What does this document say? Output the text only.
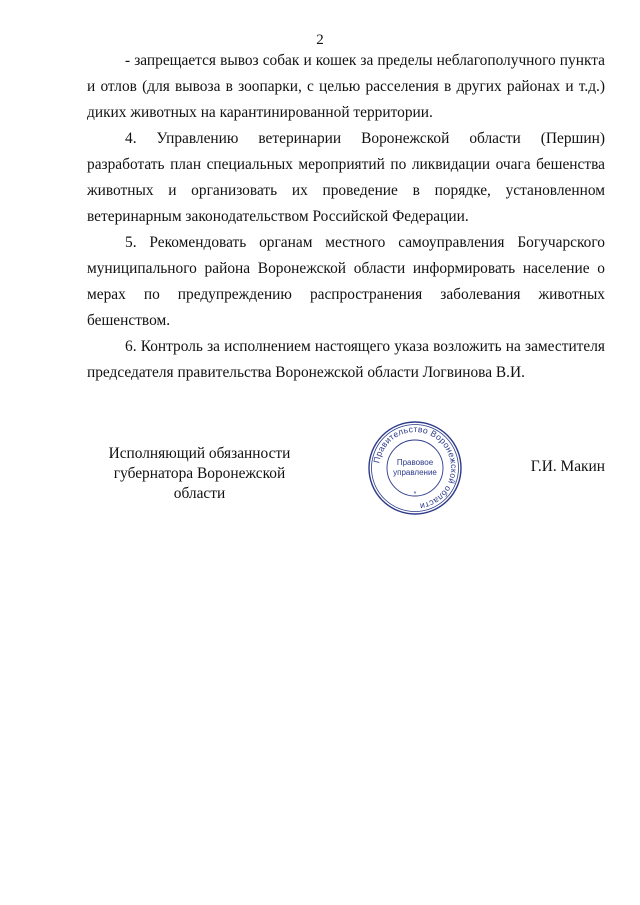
2

- запрещается вывоз собак и кошек за пределы неблагополучного пункта и отлов (для вывоза в зоопарки, с целью расселения в других районах и т.д.) диких животных на карантинированной территории.

4. Управлению ветеринарии Воронежской области (Першин) разработать план специальных мероприятий по ликвидации очага бешенства животных и организовать их проведение в порядке, установленном ветеринарным законодательством Российской Федерации.

5. Рекомендовать органам местного самоуправления Богучарского муниципального района Воронежской области информировать население о мерах по предупреждению распространения заболевания животных бешенством.

6. Контроль за исполнением настоящего указа возложить на заместителя председателя правительства Воронежской области Логвинова В.И.

Исполняющий обязанности
губернатора Воронежской области
Правительство Воронежской области
Правовое
управление
*
Г.И. Макин
